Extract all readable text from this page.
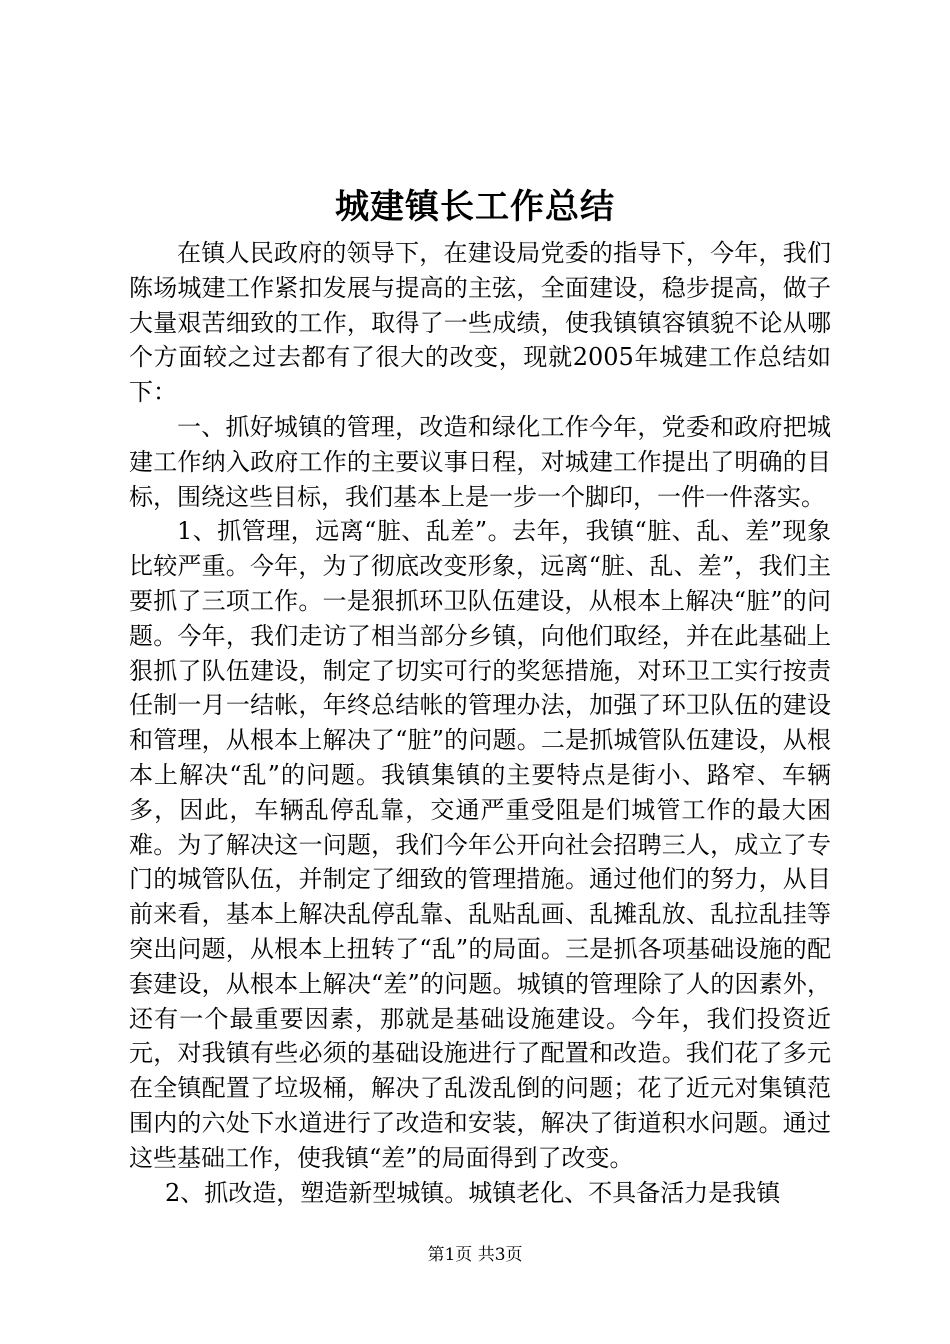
城建镇长工作总结

在镇人民政府的领导下，在建设局党委的指导下，今年，我们陈场城建工作紧扣发展与提高的主弦，全面建设，稳步提高，做子大量艰苦细致的工作，取得了一些成绩，使我镇镇容镇貌不论从哪个方面较之过去都有了很大的改变，现就2005年城建工作总结如下：

一、抓好城镇的管理，改造和绿化工作今年，党委和政府把城建工作纳入政府工作的主要议事日程，对城建工作提出了明确的目标，围绕这些目标，我们基本上是一步一个脚印，一件一件落实。

1、抓管理，远离“脏、乱差”。去年，我镇“脏、乱、差”现象比较严重。今年，为了彻底改变形象，远离“脏、乱、差”，我们主要抓了三项工作。一是狠抓环卫队伍建设，从根本上解决“脏”的问题。今年，我们走访了相当部分乡镇，向他们取经，并在此基础上狠抓了队伍建设，制定了切实可行的奖惩措施，对环卫工实行按责任制一月一结帐，年终总结帐的管理办法，加强了环卫队伍的建设和管理，从根本上解决了“脏”的问题。二是抓城管队伍建设，从根本上解决“乱”的问题。我镇集镇的主要特点是街小、路窄、车辆多，因此，车辆乱停乱靠，交通严重受阻是们城管工作的最大困难。为了解决这一问题，我们今年公开向社会招聘三人，成立了专门的城管队伍，并制定了细致的管理措施。通过他们的努力，从目前来看，基本上解决乱停乱靠、乱贴乱画、乱摊乱放、乱拉乱挂等突出问题，从根本上扭转了“乱”的局面。三是抓各项基础设施的配套建设，从根本上解决“差”的问题。城镇的管理除了人的因素外，还有一个最重要因素，那就是基础设施建设。今年，我们投资近元，对我镇有些必须的基础设施进行了配置和改造。我们花了多元在全镇配置了垃圾桶，解决了乱泼乱倒的问题；花了近元对集镇范围内的六处下水道进行了改造和安装，解决了街道积水问题。通过这些基础工作，使我镇“差”的局面得到了改变。

2、抓改造，塑造新型城镇。城镇老化、不具备活力是我镇

第1页 共3页
